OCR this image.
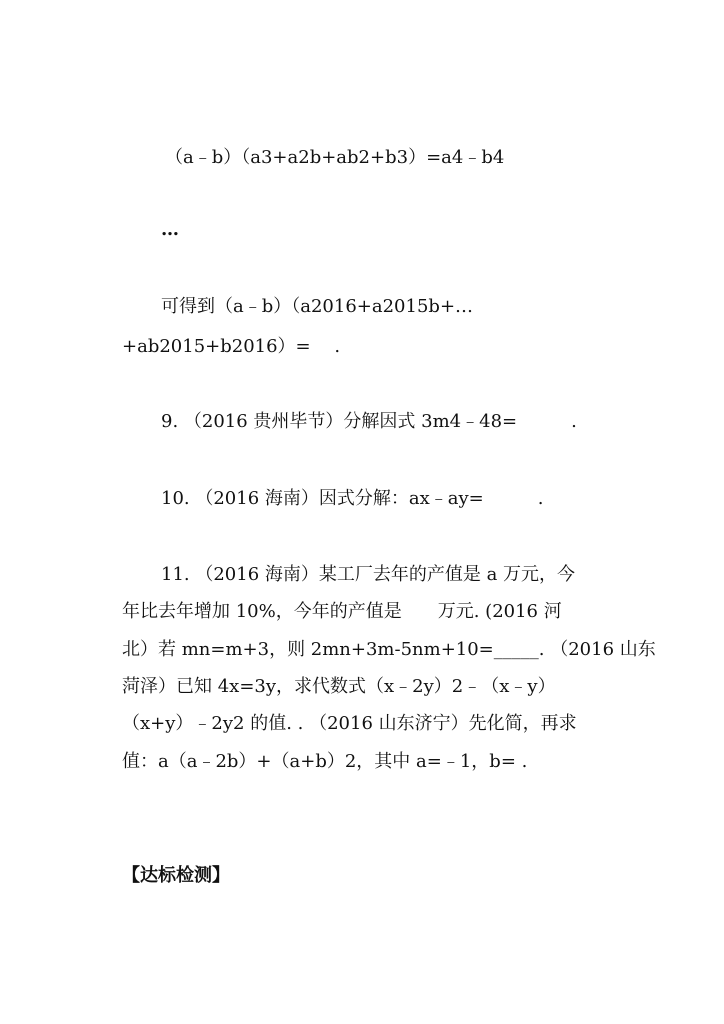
（a﹣b）（a3+a2b+ab2+b3）=a4﹣b4
…
可得到（a﹣b）（a2016+a2015b+…
+ab2015+b2016）=　 .
9. （2016 贵州毕节）分解因式 3m4﹣48=　　　.
10. （2016 海南）因式分解：ax﹣ay=　　　.
11. （2016 海南）某工厂去年的产值是 a 万元，今
年比去年增加 10%，今年的产值是　　万元. (2016 河
北）若 mn=m+3，则 2mn+3m-5nm+10=_____. （2016 山东
菏泽）已知 4x=3y，求代数式（x﹣2y）2﹣（x﹣y）
（x+y）﹣2y2 的值. . （2016 山东济宁）先化简，再求
值：a（a﹣2b）+（a+b）2，其中 a=﹣1，b= .
【达标检测】
